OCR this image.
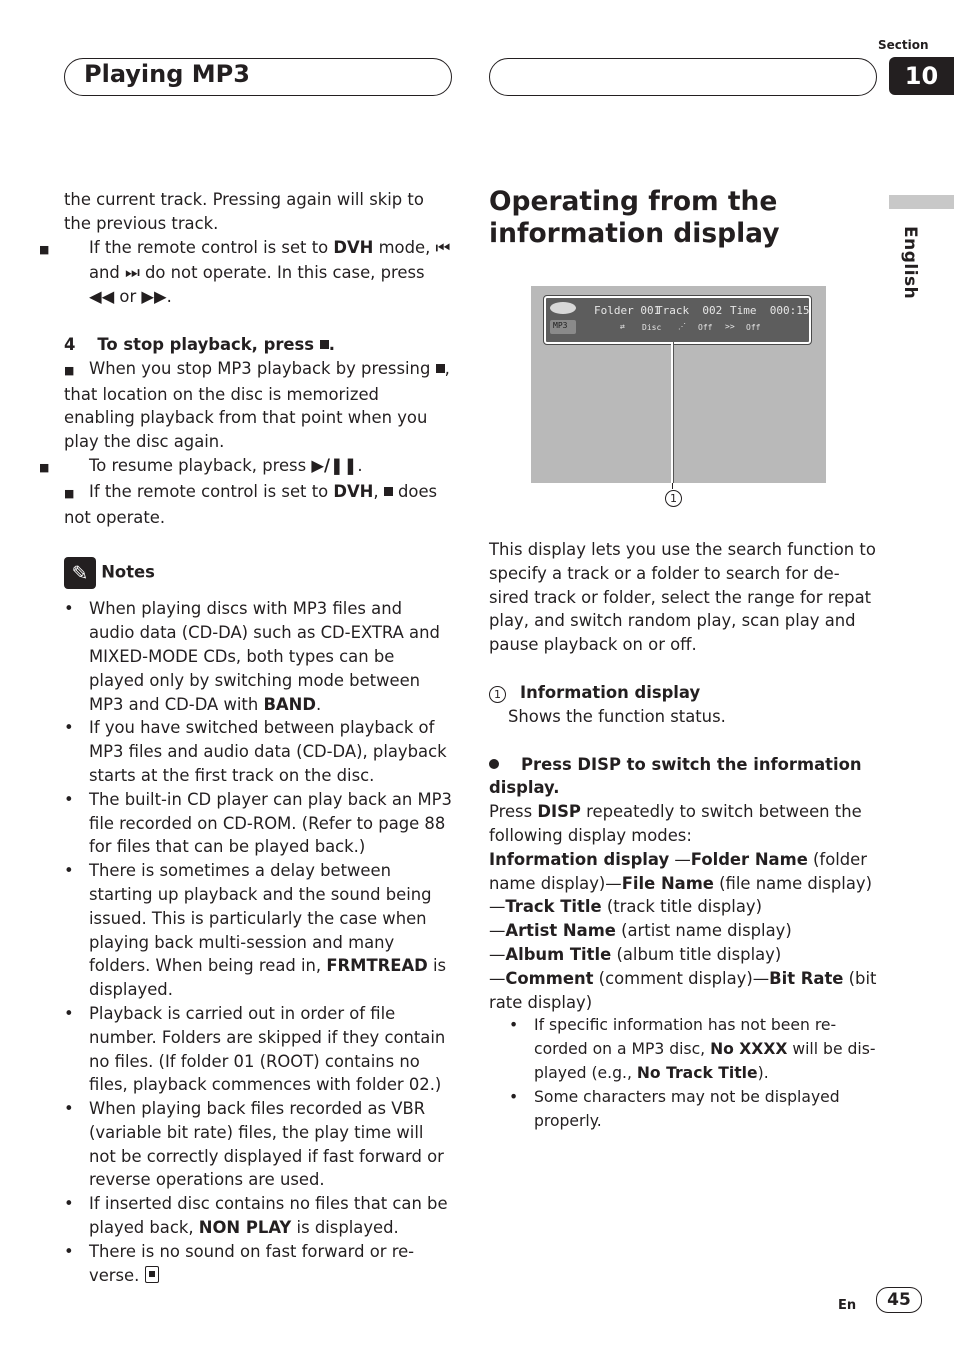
Playing MP3
Section
10
English

the current track. Pressing again will skip to the previous track.

■ If the remote control is set to DVH mode, ⏮ and ⏭ do not operate. In this case, press ◀◀ or ▶▶.

4 To stop playback, press .

■ When you stop MP3 playback by pressing , that location on the disc is memorized enabling playback from that point when you play the disc again.

■ To resume playback, press ▶/❚❚.

■ If the remote control is set to DVH,  does not operate.

✎ Notes

• When playing discs with MP3 files and audio data (CD-DA) such as CD-EXTRA and MIXED-MODE CDs, both types can be played only by switching mode between MP3 and CD-DA with BAND.
• If you have switched between playback of MP3 files and audio data (CD-DA), playback starts at the first track on the disc.
• The built-in CD player can play back an MP3 file recorded on CD-ROM. (Refer to page 88 for files that can be played back.)
• There is sometimes a delay between starting up playback and the sound being issued. This is particularly the case when playing back multi-session and many folders. When being read in, FRMTREAD is displayed.
• Playback is carried out in order of file number. Folders are skipped if they contain no files. (If folder 01 (ROOT) contains no files, playback commences with folder 02.)
• When playing back files recorded as VBR (variable bit rate) files, the play time will not be correctly displayed if fast forward or reverse operations are used.
• If inserted disc contains no files that can be played back, NON PLAY is displayed.
• There is no sound on fast forward or re-verse.
Operating from the information display
MP3
Folder 001
Track  002 Time  000:15
⇄ Disc ⋰ Off >> Off
1

This display lets you use the search function to specify a track or a folder to search for de-sired track or folder, select the range for repat play, and switch random play, scan play and pause playback on or off.

1 Information display

Shows the function status.

Press DISP to switch the information display.

Press DISP repeatedly to switch between the following display modes:

Information display —Folder Name (folder name display)—File Name (file name display)
—Track Title (track title display)
—Artist Name (artist name display)
—Album Title (album title display)
—Comment (comment display)—Bit Rate (bit rate display)

• If specific information has not been re-corded on a MP3 disc, No XXXX will be dis-played (e.g., No Track Title).
• Some characters may not be displayed properly.
En	45
